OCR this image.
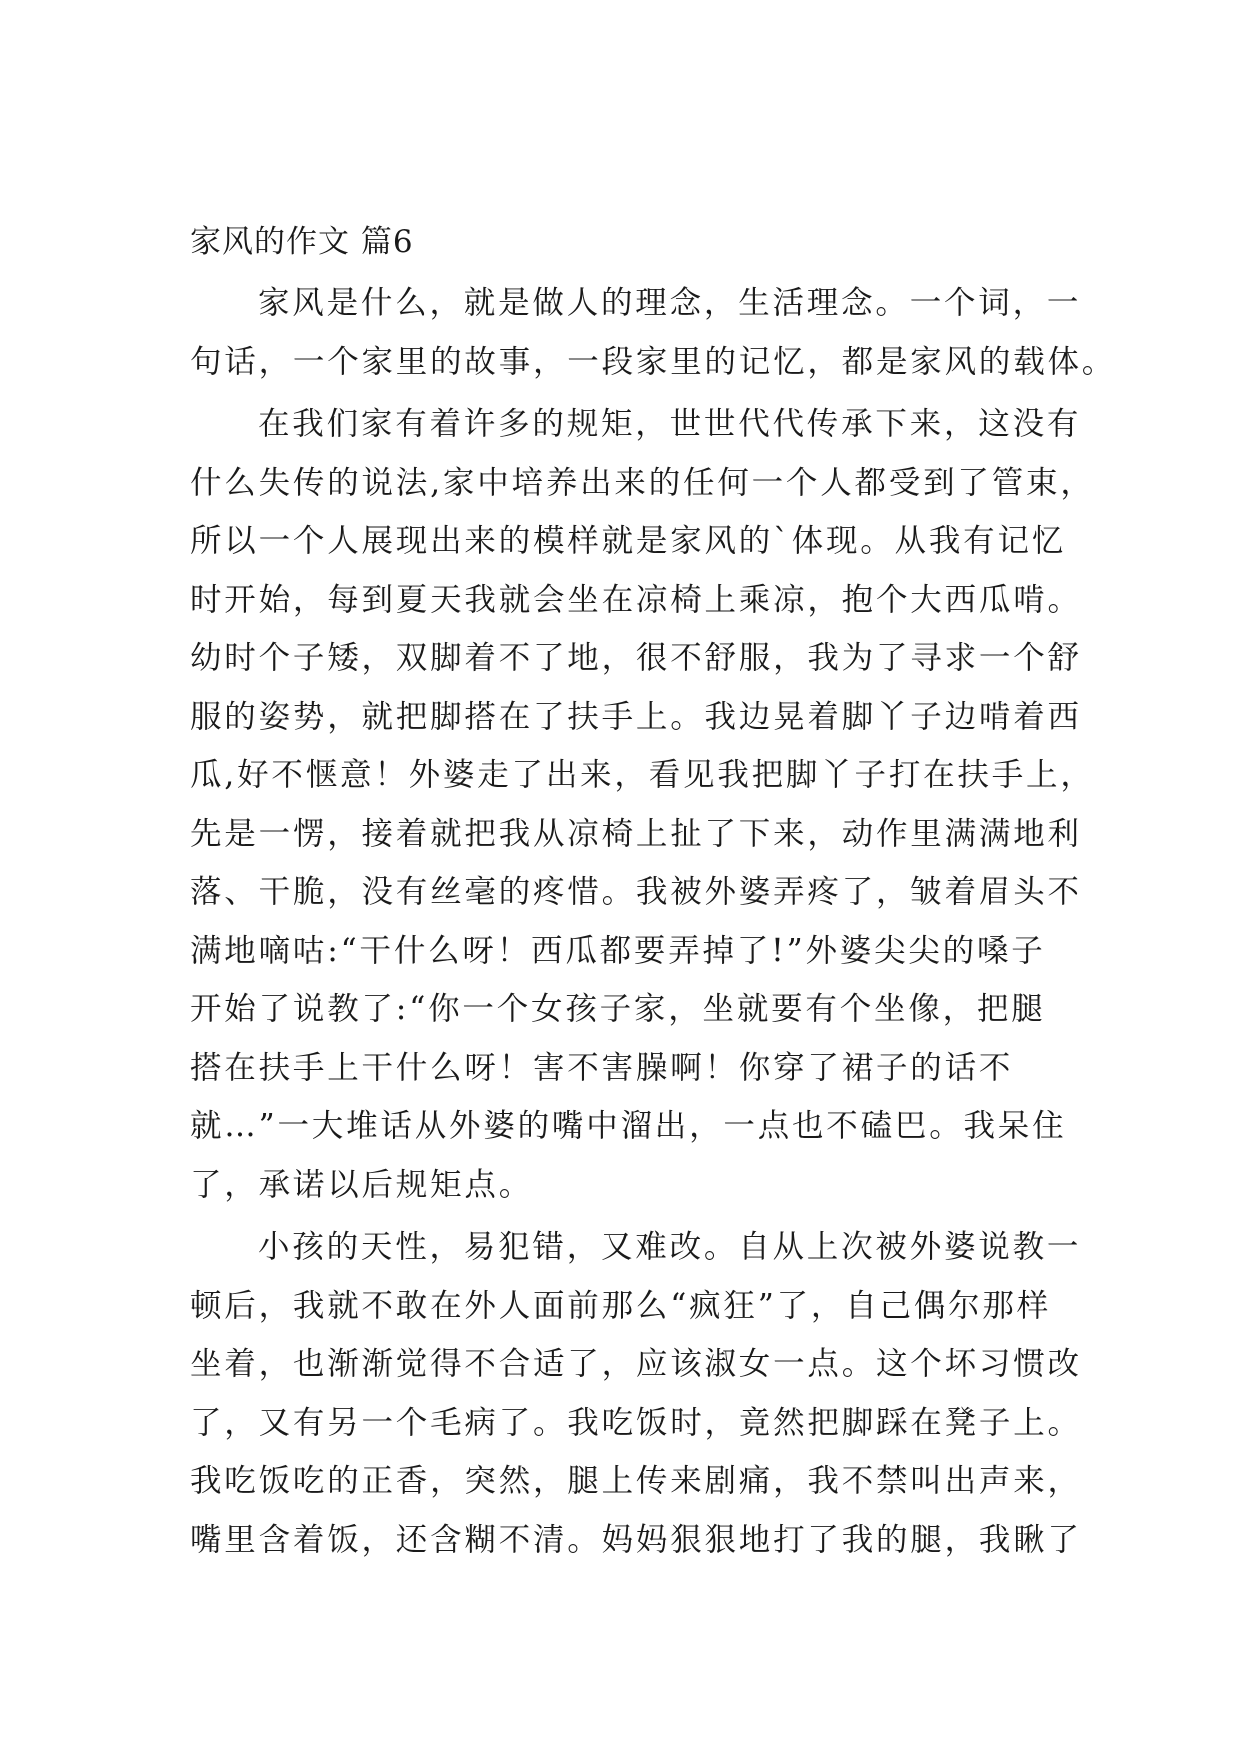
家风的作文 篇6
家风是什么，就是做人的理念，生活理念。一个词，一
句话，一个家里的故事，一段家里的记忆，都是家风的载体。
在我们家有着许多的规矩，世世代代传承下来，这没有
什么失传的说法,家中培养出来的任何一个人都受到了管束，
所以一个人展现出来的模样就是家风的`体现。从我有记忆
时开始，每到夏天我就会坐在凉椅上乘凉，抱个大西瓜啃。
幼时个子矮，双脚着不了地，很不舒服，我为了寻求一个舒
服的姿势，就把脚搭在了扶手上。我边晃着脚丫子边啃着西
瓜,好不惬意！外婆走了出来，看见我把脚丫子打在扶手上，
先是一愣，接着就把我从凉椅上扯了下来，动作里满满地利
落、干脆，没有丝毫的疼惜。我被外婆弄疼了，皱着眉头不
满地嘀咕:“干什么呀！西瓜都要弄掉了!”外婆尖尖的嗓子
开始了说教了:“你一个女孩子家，坐就要有个坐像，把腿
搭在扶手上干什么呀！害不害臊啊！你穿了裙子的话不
就…”一大堆话从外婆的嘴中溜出，一点也不磕巴。我呆住
了，承诺以后规矩点。
小孩的天性，易犯错，又难改。自从上次被外婆说教一
顿后，我就不敢在外人面前那么“疯狂”了，自己偶尔那样
坐着，也渐渐觉得不合适了，应该淑女一点。这个坏习惯改
了，又有另一个毛病了。我吃饭时，竟然把脚踩在凳子上。
我吃饭吃的正香，突然，腿上传来剧痛，我不禁叫出声来，
嘴里含着饭，还含糊不清。妈妈狠狠地打了我的腿，我瞅了
